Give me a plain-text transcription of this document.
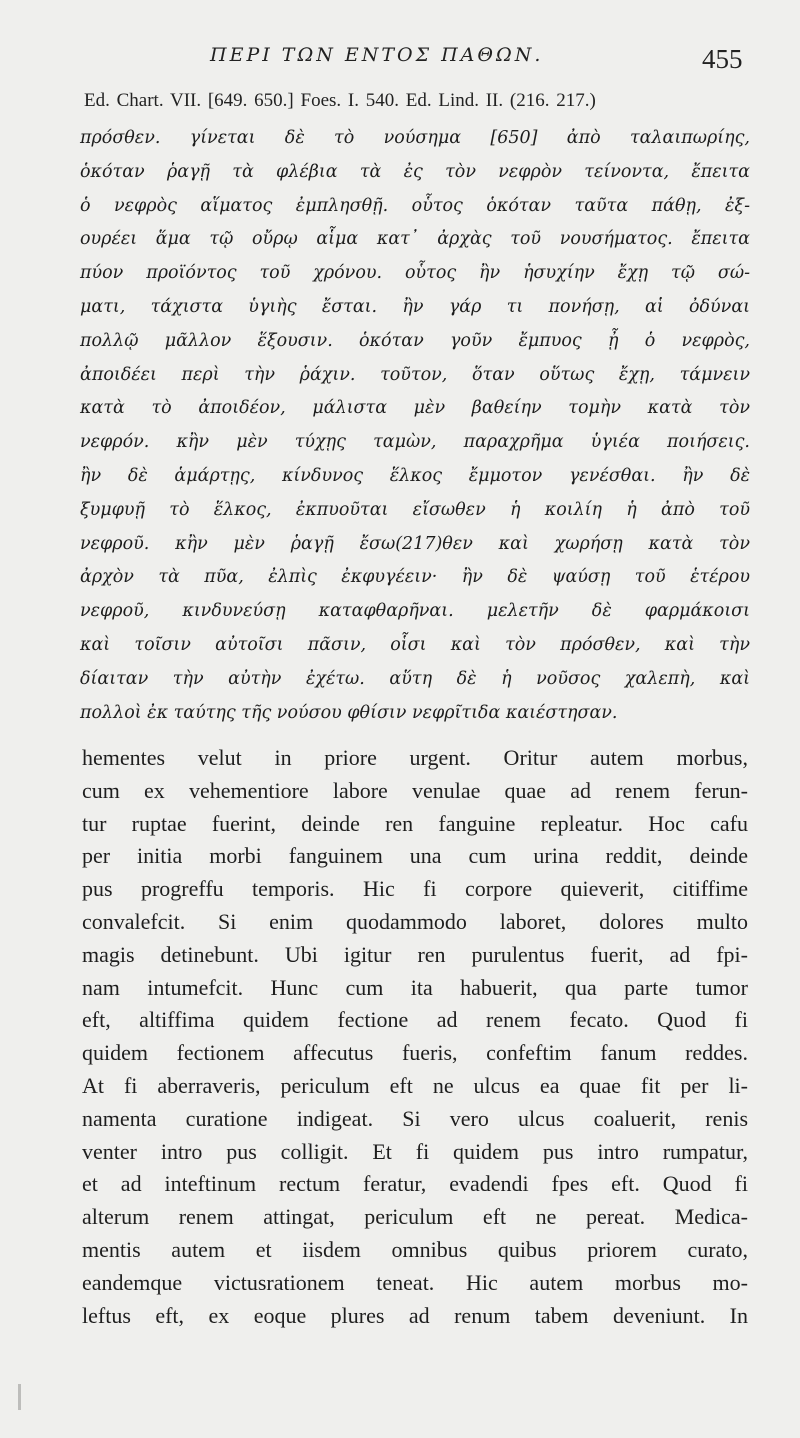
ΠΕΡΙ ΤΩΝ ΕΝΤΟΣ ΠΑΘΩΝ.	455
Ed. Chart. VII. [649. 650.] Foes. I. 540. Ed. Lind. II. (216. 217.)
πρόσθεν. γίνεται δὲ τὸ νούσημα [650] ἀπὸ ταλαιπωρίης,
ὁκόταν ῥαγῇ τὰ φλέβια τὰ ἐς τὸν νεφρὸν τείνοντα, ἔπειτα
ὁ νεφρὸς αἵματος ἐμπλησθῇ. οὗτος ὁκόταν ταῦτα πάθῃ, ἐξ-
ουρέει ἅμα τῷ οὔρῳ αἷμα κατ᾽ ἀρχὰς τοῦ νουσήματος. ἔπειτα
πύον προϊόντος τοῦ χρόνου. οὗτος ἢν ἡσυχίην ἔχῃ τῷ σώ-
ματι, τάχιστα ὑγιὴς ἔσται. ἢν γάρ τι πονήσῃ, αἱ ὀδύναι
πολλῷ μᾶλλον ἕξουσιν. ὁκόταν γοῦν ἔμπυος ᾖ ὁ νεφρὸς,
ἀποιδέει περὶ τὴν ῥάχιν. τοῦτον, ὅταν οὕτως ἔχῃ, τάμνειν
κατὰ τὸ ἀποιδέον, μάλιστα μὲν βαθείην τομὴν κατὰ τὸν
νεφρόν. κἢν μὲν τύχῃς ταμὼν, παραχρῆμα ὑγιέα ποιήσεις.
ἢν δὲ ἁμάρτῃς, κίνδυνος ἕλκος ἔμμοτον γενέσθαι. ἢν δὲ
ξυμφυῇ τὸ ἕλκος, ἐκπυοῦται εἴσωθεν ἡ κοιλίη ἡ ἀπὸ τοῦ
νεφροῦ. κἢν μὲν ῥαγῇ ἔσω(217)θεν καὶ χωρήσῃ κατὰ τὸν
ἀρχὸν τὰ πῦα, ἐλπὶς ἐκφυγέειν· ἢν δὲ ψαύσῃ τοῦ ἑτέρου
νεφροῦ, κινδυνεύσῃ καταφθαρῆναι. μελετῆν δὲ φαρμάκοισι
καὶ τοῖσιν αὐτοῖσι πᾶσιν, οἷσι καὶ τὸν πρόσθεν, καὶ τὴν
δίαιταν τὴν αὐτὴν ἐχέτω. αὕτη δὲ ἡ νοῦσος χαλεπὴ, καὶ
πολλοὶ ἐκ ταύτης τῆς νούσου φθίσιν νεφρῖτιδα καιέστησαν.
hementes velut in priore urgent. Oritur autem morbus,
cum ex vehementiore labore venulae quae ad renem ferun-
tur ruptae fuerint, deinde ren fanguine repleatur. Hoc cafu
per initia morbi fanguinem una cum urina reddit, deinde
pus progreffu temporis. Hic fi corpore quieverit, citiffime
convalefcit. Si enim quodammodo laboret, dolores multo
magis detinebunt. Ubi igitur ren purulentus fuerit, ad fpi-
nam intumefcit. Hunc cum ita habuerit, qua parte tumor
eft, altiffima quidem fectione ad renem fecato. Quod fi
quidem fectionem affecutus fueris, confeftim fanum reddes.
At fi aberraveris, periculum eft ne ulcus ea quae fit per li-
namenta curatione indigeat. Si vero ulcus coaluerit, renis
venter intro pus colligit. Et fi quidem pus intro rumpatur,
et ad inteftinum rectum feratur, evadendi fpes eft. Quod fi
alterum renem attingat, periculum eft ne pereat. Medica-
mentis autem et iisdem omnibus quibus priorem curato,
eandemque victusrationem teneat. Hic autem morbus mo-
leftus eft, ex eoque plures ad renum tabem deveniunt. In
